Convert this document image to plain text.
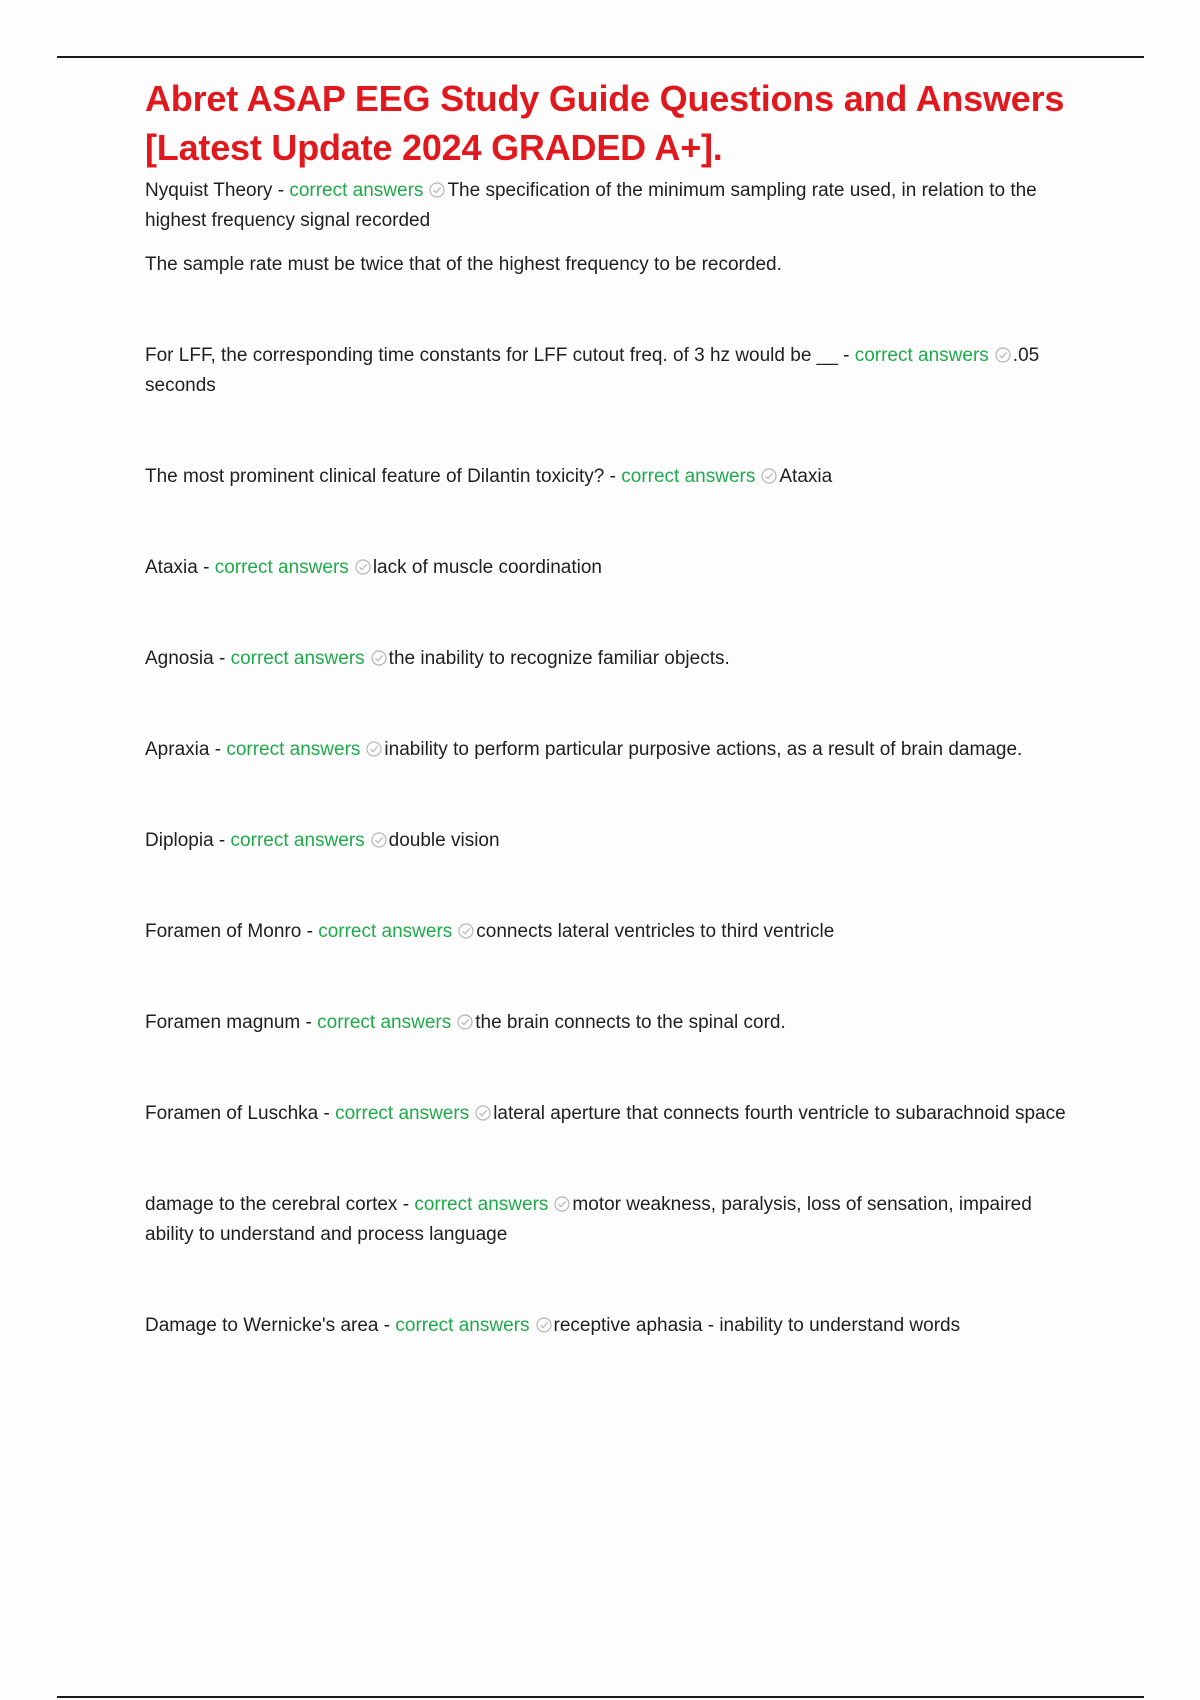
Abret ASAP EEG Study Guide Questions and Answers [Latest Update 2024 GRADED A+].

Nyquist Theory - correct answers The specification of the minimum sampling rate used, in relation to the highest frequency signal recorded

The sample rate must be twice that of the highest frequency to be recorded.

For LFF, the corresponding time constants for LFF cutout freq. of 3 hz would be __ - correct answers .05 seconds

The most prominent clinical feature of Dilantin toxicity? - correct answers Ataxia

Ataxia - correct answers lack of muscle coordination

Agnosia - correct answers the inability to recognize familiar objects.

Apraxia - correct answers inability to perform particular purposive actions, as a result of brain damage.

Diplopia - correct answers double vision

Foramen of Monro - correct answers connects lateral ventricles to third ventricle

Foramen magnum - correct answers the brain connects to the spinal cord.

Foramen of Luschka - correct answers lateral aperture that connects fourth ventricle to subarachnoid space

damage to the cerebral cortex - correct answers motor weakness, paralysis, loss of sensation, impaired ability to understand and process language

Damage to Wernicke's area - correct answers receptive aphasia - inability to understand words
